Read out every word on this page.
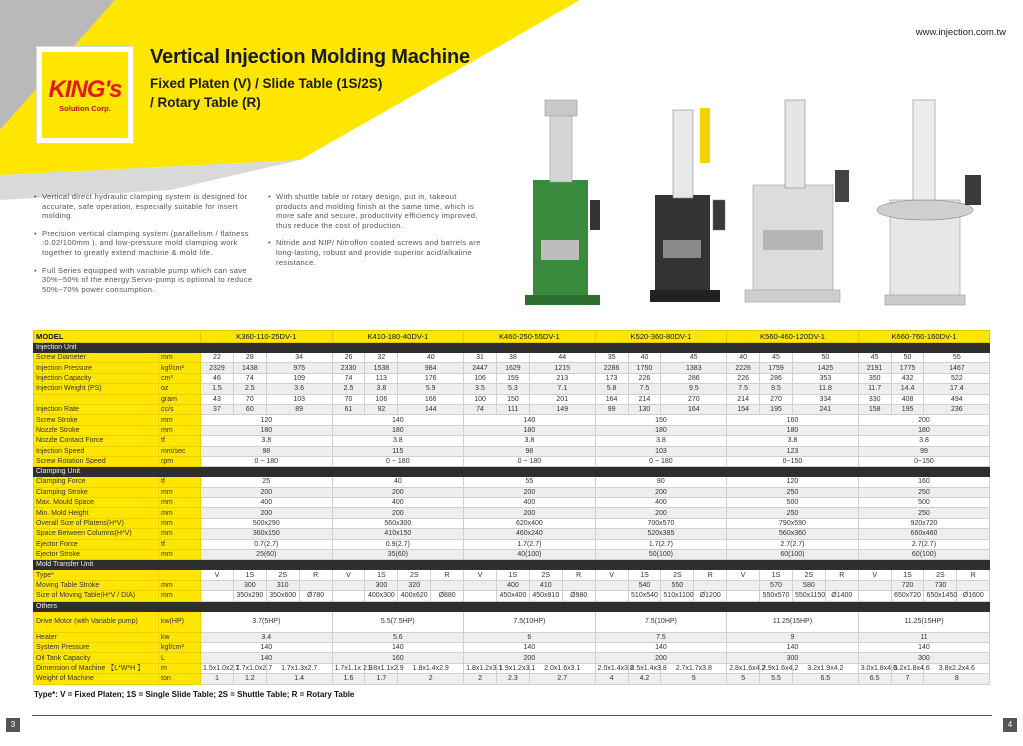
KING's
Solution Corp.
Vertical Injection Molding Machine
Fixed Platen (V) / Slide Table (1S/2S)
/ Rotary Table (R)
www.injection.com.tw
• Vertical direct hydraulic clamping system is designed for accurate, safe operation, especially suitable for insert molding.
• Precision vertical clamping system (parallelism / flatness :0.02/100mm ), and low-pressure mold clamping work together to greatly extend machine & mold life.
• Full Series equipped with variable pump which can save 30%~50% of the energy.Servo-pump is optional to reduce 50%~70% power consumption.
• With shuttle table or rotary design, put in, takeout products and molding finish at the same time, which is more safe and secure, productivity efficiency improved, thus reduce the cost of production.
• Nitride and NIP/ Nitroflon coated screws and barrels are long-lasting, robust and provide superior acid/alkaline resistance.
MODEL		K360-110-25DV-1				K410-180-40DV-1				K460-250-55DV-1				K520-360-80DV-1				K560-460-120DV-1				K660-760-160DV-1			
Injection Unit																									
Screw Diameter	mm	22	28	34		26	32	40		31	38	44		35	40	45		40	45	50		45	50	55	
Injection Pressure	kgf/cm²	2329	1438	975		2330	1538	984		2447	1629	1215		2286	1750	1383		2226	1759	1425		2191	1775	1467	
Injection Capacity	cm³	46	74	109		74	113	176		106	159	213		173	226	286		226	286	353		350	432	522	
Injection Weight (PS)	oz	1.5	2.5	3.6		2.5	3.8	5.9		3.5	5.3	7.1		5.8	7.5	9.5		7.5	9.5	11.8		11.7	14.4	17.4	
	gram	43	70	103		70	106	166		100	150	201		164	214	270		214	270	334		330	408	494	
Injection Rate	cc/s	37	60	89		61	92	144		74	111	149		99	130	164		154	195	241		158	195	236	
Screw Stroke	mm	120				140				140				150				160				200			
Nozzle Stroke	mm	180				180				180				180				180				180			
Nozzle Contact Force	tf	3.8				3.8				3.8				3.8				3.8				3.8			
Injection Speed	mm/sec	98				115				98				103				123				99			
Screw Rotation Speed	rpm	0 ~ 180				0 ~ 180				0 ~ 180				0 ~ 180				0~150				0~150			
Clamping Unit																									
Clamping Force	tf	25				40				55				80				120				160			
Clamping Stroke	mm	200				200				200				200				250				250			
Max. Mould Space	mm	400				400				400				400				500				500			
Min. Mold Height	mm	200				200				200				200				250				250			
Overall Size of Platens(H*V)	mm	500x290				560x300				620x400				700x570				790x590				920x720			
Space Between Columns(H*V)	mm	360x150				410x150				460x240				520x385				560x360				660x460			
Ejector Force	tf	0.7(2.7)				0.9(2.7)				1.7(2.7)				1.7(2.7)				2.7(2.7)				2.7(2.7)			
Ejector Stroke	mm	25(60)				35(60)				40(100)				50(100)				60(100)				60(100)			
Mold Transfer Unit																									
Type*		V	1S	2S	R	V	1S	2S	R	V	1S	2S	R	V	1S	2S	R	V	1S	2S	R	V	1S	2S	R
Moving Table Stroke	mm		300	310			300	320			400	410			540	550			570	580			720	730	
Size of Moving Table(H*V / DIA)	mm		350x290	350x600	Ø780		400x300	400x620	Ø880		450x400	450x810	Ø980		510x540	510x1100	Ø1200		550x570	550x1150	Ø1400		650x720	650x1450	Ø1600
Others																									
Drive Motor (with Variable pump)	kw(HP)	3.7(5HP)				5.5(7.5HP)				7.5(10HP)				7.5(10HP)				11.25(15HP)				11.25(15HP)			
Heater	kw	3.4				5.6				6				7.5				9				11			
System Pressure	kgf/cm²	140				140				140				140				140				140			
Oil Tank Capacity	L	140				160				200				200				300				300			
Dimension of Machine 【L*W*H 】	m	1.5x1.0x2.7	1.7x1.0x2.7	1.7x1.3x2.7		1.7x1.1x 2.9	1.8x1.1x2.9	1.8x1.4x2.9		1.8x1.2x3.1	1.9x1.2x3.1	2.0x1.6x3.1		2.0x1.4x3.8	2.5x1.4x3.8	2.7x1.7x3.8		2.8x1.6x4.2	2.9x1.6x4.2	3.2x1.9x4.2		3.0x1.8x4.6	3.2x1.8x4.6	3.8x2.2x4.6	
Weight of Machine	ton	1	1.2	1.4		1.6	1.7	2		2	2.3	2.7		4	4.2	5		5	5.5	6.5		6.5	7	8	
Type*: V = Fixed Platen; 1S = Single Slide Table; 2S = Shuttle Table; R = Rotary Table
3	4
